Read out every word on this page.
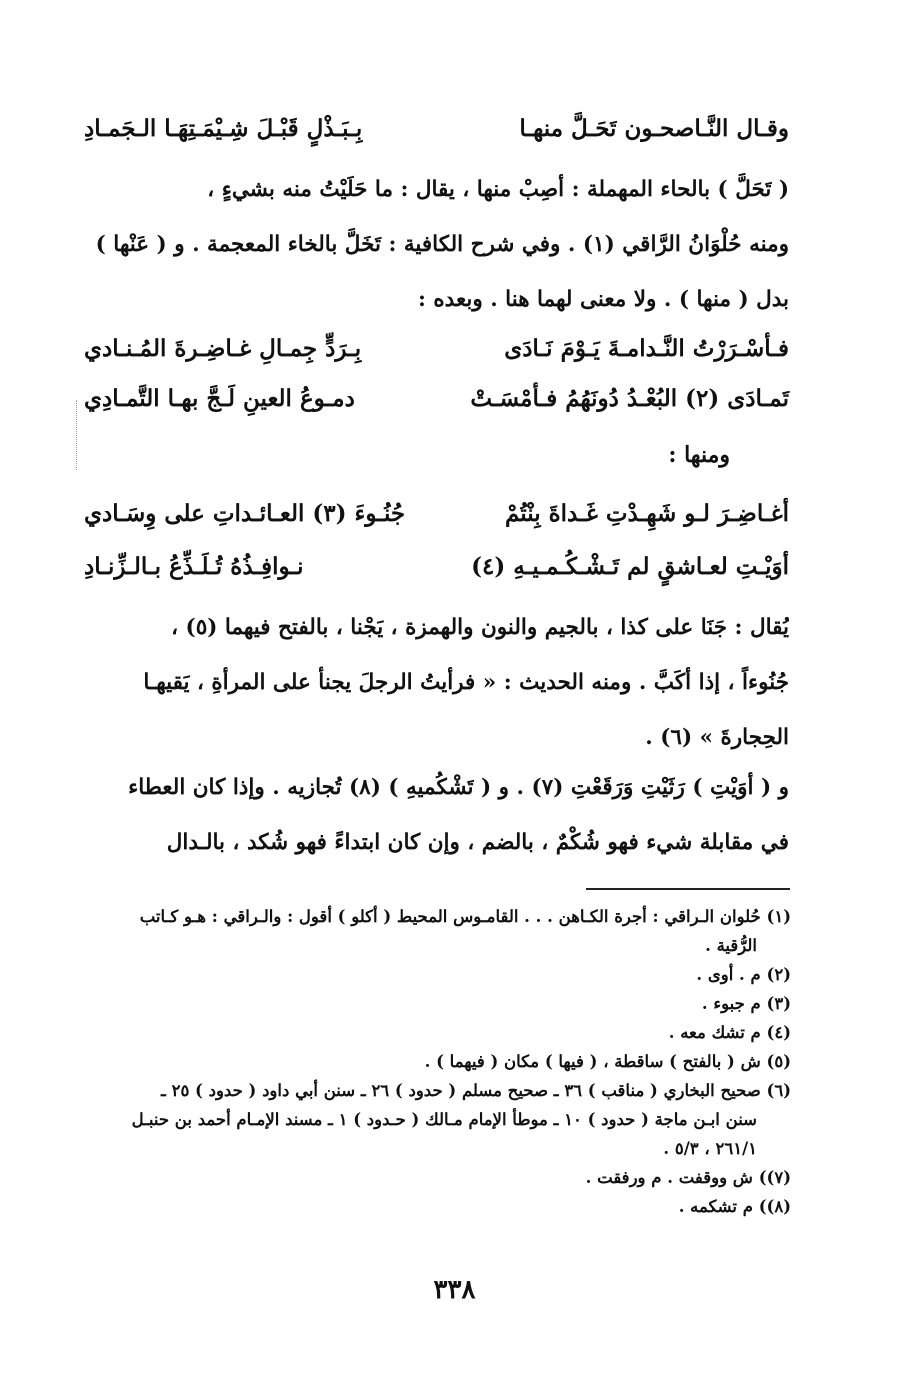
وقـال النَّـاصحـون تَحَـلَّ منهـا
بِـبَـذْلٍ قَبْـلَ شِـيْمَـتِهَـا الـجَمـادِ
( تَحَلَّ ) بالحاء المهملة : أصِبْ منها ، يقال : ما حَلَيْتُ منه بشيءٍ ،
ومنه حُلْوَانُ الرَّاقي (١) . وفي شرح الكافية : تَخَلَّ بالخاء المعجمة . و ( عَنْها )
بدل ( منها ) . ولا معنى لهما هنا . وبعده :
فـأسْـرَرْتُ النَّـدامـةَ يَـوْمَ نَـادَى
بِـرَدٍّ جِمـالِ غـاضِـرةَ المُـنـادي
تَمـادَى (٢) البُعْـدُ دُونَهُمُ فـأمْسَـتْ
دمـوعُ العينِ لَـجَّ بهـا التَّمـادِي
ومنها :
أغـاضِـرَ لـو شَهِـدْتِ غَـداةَ بِنْتُمْ
جُنُـوءَ (٣) العـائـداتِ على وِسَـادي
أوَيْـتِ لعـاشقٍ لم تَـشْـكُـمـيـهِ (٤)
نـوافِـذُهُ تُـلَـذِّعُ بـالـزِّنـادِ
يُقال : جَنَا على كذا ، بالجيم والنون والهمزة ، يَجْنا ، بالفتح فيهما (٥) ،
جُنُوءاً ، إذا أكَبَّ . ومنه الحديث : « فرأيتُ الرجلَ يجنأ على المرأةِ ، يَقيهـا
الحِجارةَ » (٦) .
و ( أوَيْتِ ) رَثَيْتِ وَرَقَعْتِ (٧) . و ( تَشْكُميهِ ) (٨) تُجازيه . وإذا كان العطاء
في مقابلة شيء فهو شُكْمٌ ، بالضم ، وإن كان ابتداءً فهو شُكد ، بالـدال
(١) حُلوان الـراقي : أجرة الكـاهن . . . القامـوس المحيط ( أكلو ) أقول : والـراقي : هـو كـاتب
الرُّقية .
(٢) م . أوى .
(٣) م جبوء .
(٤) م تشك معه .
(٥) ش ( بالفتح ) ساقطة ، ( فيها ) مكان ( فيهما ) .
(٦) صحيح البخاري ( مناقب ) ٣٦ ـ صحيح مسلم ( حدود ) ٢٦ ـ سنن أبي داود ( حدود ) ٢٥ ـ
سنن ابـن ماجة ( حدود ) ١٠ ـ موطأ الإمام مـالك ( حـدود ) ١ ـ مسند الإمـام أحمد بن حنبـل
٢٦١/١ ، ٥/٣ .
(٧)) ش ووقفت . م ورفقت .
(٨)) م تشكمه .
٣٣٨
